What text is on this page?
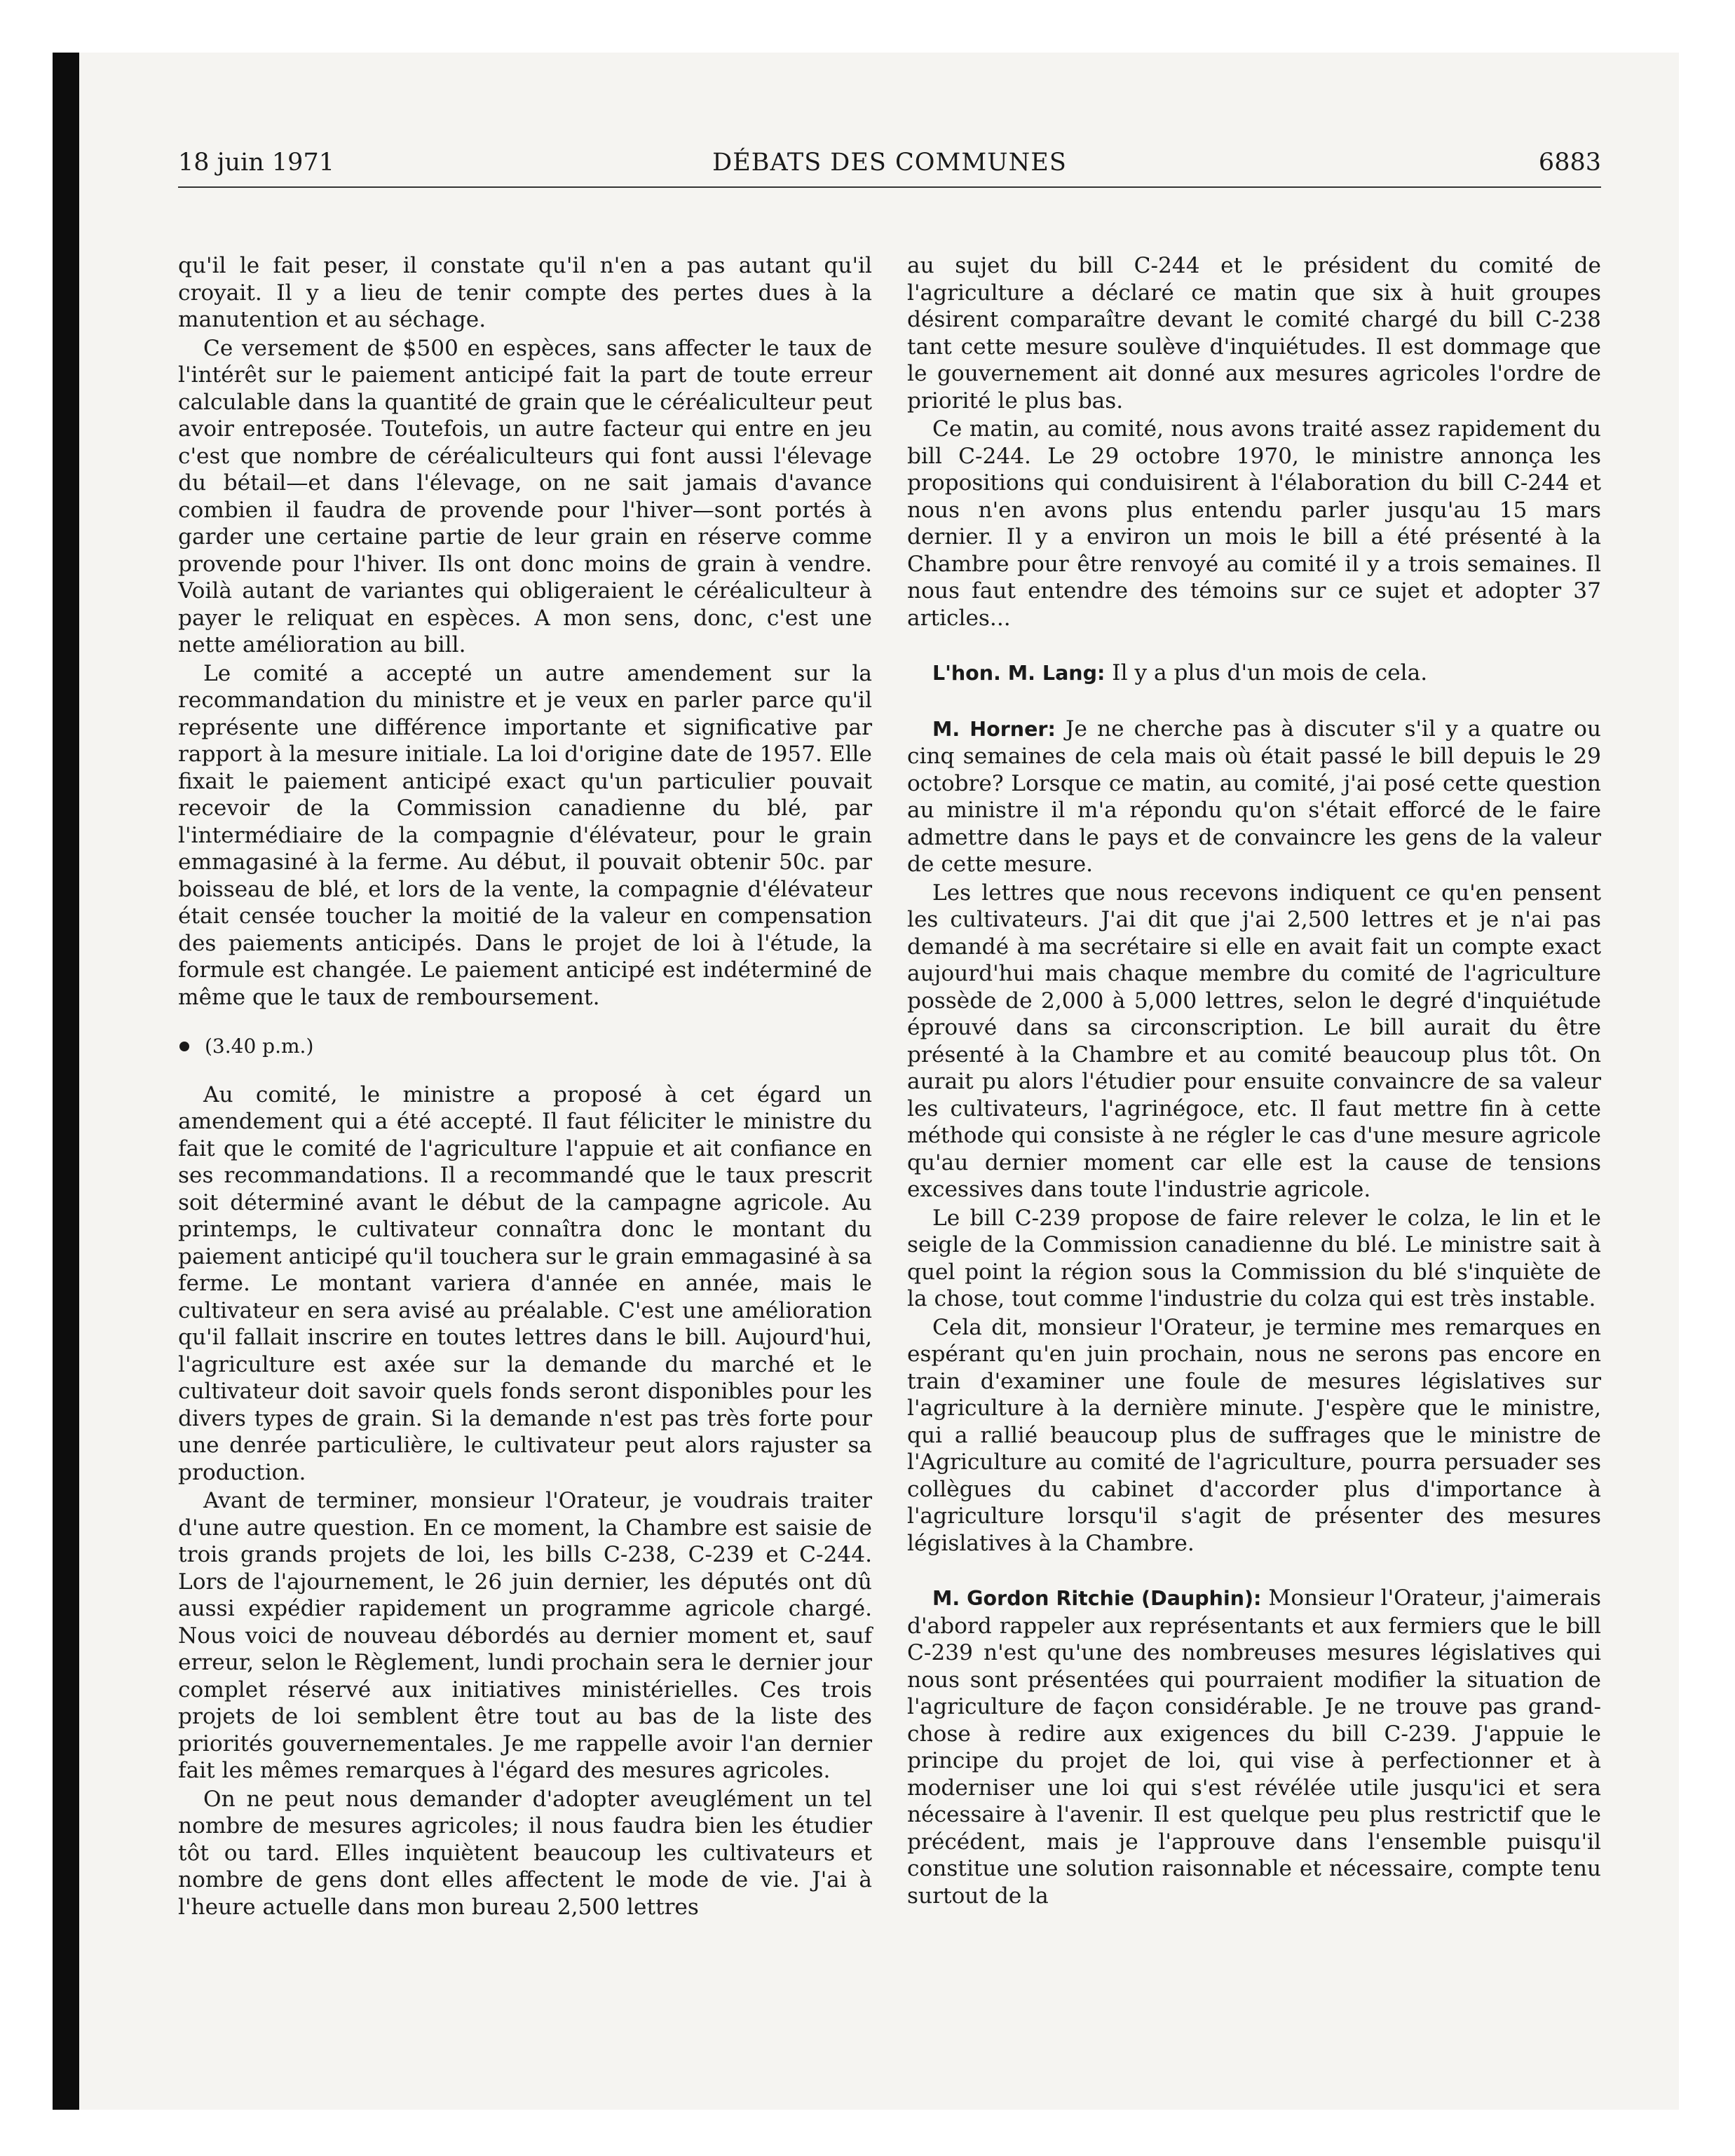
18 juin 1971	DÉBATS DES COMMUNES	6883

qu'il le fait peser, il constate qu'il n'en a pas autant qu'il croyait. Il y a lieu de tenir compte des pertes dues à la manutention et au séchage.

Ce versement de $500 en espèces, sans affecter le taux de l'intérêt sur le paiement anticipé fait la part de toute erreur calculable dans la quantité de grain que le céréaliculteur peut avoir entreposée. Toutefois, un autre facteur qui entre en jeu c'est que nombre de céréaliculteurs qui font aussi l'élevage du bétail—et dans l'élevage, on ne sait jamais d'avance combien il faudra de provende pour l'hiver—sont portés à garder une certaine partie de leur grain en réserve comme provende pour l'hiver. Ils ont donc moins de grain à vendre. Voilà autant de variantes qui obligeraient le céréaliculteur à payer le reliquat en espèces. A mon sens, donc, c'est une nette amélioration au bill.

Le comité a accepté un autre amendement sur la recommandation du ministre et je veux en parler parce qu'il représente une différence importante et significative par rapport à la mesure initiale. La loi d'origine date de 1957. Elle fixait le paiement anticipé exact qu'un particulier pouvait recevoir de la Commission canadienne du blé, par l'intermédiaire de la compagnie d'élévateur, pour le grain emmagasiné à la ferme. Au début, il pouvait obtenir 50c. par boisseau de blé, et lors de la vente, la compagnie d'élévateur était censée toucher la moitié de la valeur en compensation des paiements anticipés. Dans le projet de loi à l'étude, la formule est changée. Le paiement anticipé est indéterminé de même que le taux de remboursement.

(3.40 p.m.)

Au comité, le ministre a proposé à cet égard un amendement qui a été accepté. Il faut féliciter le ministre du fait que le comité de l'agriculture l'appuie et ait confiance en ses recommandations. Il a recommandé que le taux prescrit soit déterminé avant le début de la campagne agricole. Au printemps, le cultivateur connaîtra donc le montant du paiement anticipé qu'il touchera sur le grain emmagasiné à sa ferme. Le montant variera d'année en année, mais le cultivateur en sera avisé au préalable. C'est une amélioration qu'il fallait inscrire en toutes lettres dans le bill. Aujourd'hui, l'agriculture est axée sur la demande du marché et le cultivateur doit savoir quels fonds seront disponibles pour les divers types de grain. Si la demande n'est pas très forte pour une denrée particulière, le cultivateur peut alors rajuster sa production.

Avant de terminer, monsieur l'Orateur, je voudrais traiter d'une autre question. En ce moment, la Chambre est saisie de trois grands projets de loi, les bills C-238, C-239 et C-244. Lors de l'ajournement, le 26 juin dernier, les députés ont dû aussi expédier rapidement un programme agricole chargé. Nous voici de nouveau débordés au dernier moment et, sauf erreur, selon le Règlement, lundi prochain sera le dernier jour complet réservé aux initiatives ministérielles. Ces trois projets de loi semblent être tout au bas de la liste des priorités gouvernementales. Je me rappelle avoir l'an dernier fait les mêmes remarques à l'égard des mesures agricoles.

On ne peut nous demander d'adopter aveuglément un tel nombre de mesures agricoles; il nous faudra bien les étudier tôt ou tard. Elles inquiètent beaucoup les cultivateurs et nombre de gens dont elles affectent le mode de vie. J'ai à l'heure actuelle dans mon bureau 2,500 lettres

au sujet du bill C-244 et le président du comité de l'agriculture a déclaré ce matin que six à huit groupes désirent comparaître devant le comité chargé du bill C-238 tant cette mesure soulève d'inquiétudes. Il est dommage que le gouvernement ait donné aux mesures agricoles l'ordre de priorité le plus bas.

Ce matin, au comité, nous avons traité assez rapidement du bill C-244. Le 29 octobre 1970, le ministre annonça les propositions qui conduisirent à l'élaboration du bill C-244 et nous n'en avons plus entendu parler jusqu'au 15 mars dernier. Il y a environ un mois le bill a été présenté à la Chambre pour être renvoyé au comité il y a trois semaines. Il nous faut entendre des témoins sur ce sujet et adopter 37 articles...

L'hon. M. Lang: Il y a plus d'un mois de cela.

M. Horner: Je ne cherche pas à discuter s'il y a quatre ou cinq semaines de cela mais où était passé le bill depuis le 29 octobre? Lorsque ce matin, au comité, j'ai posé cette question au ministre il m'a répondu qu'on s'était efforcé de le faire admettre dans le pays et de convaincre les gens de la valeur de cette mesure.

Les lettres que nous recevons indiquent ce qu'en pensent les cultivateurs. J'ai dit que j'ai 2,500 lettres et je n'ai pas demandé à ma secrétaire si elle en avait fait un compte exact aujourd'hui mais chaque membre du comité de l'agriculture possède de 2,000 à 5,000 lettres, selon le degré d'inquiétude éprouvé dans sa circonscription. Le bill aurait du être présenté à la Chambre et au comité beaucoup plus tôt. On aurait pu alors l'étudier pour ensuite convaincre de sa valeur les cultivateurs, l'agrinégoce, etc. Il faut mettre fin à cette méthode qui consiste à ne régler le cas d'une mesure agricole qu'au dernier moment car elle est la cause de tensions excessives dans toute l'industrie agricole.

Le bill C-239 propose de faire relever le colza, le lin et le seigle de la Commission canadienne du blé. Le ministre sait à quel point la région sous la Commission du blé s'inquiète de la chose, tout comme l'industrie du colza qui est très instable.

Cela dit, monsieur l'Orateur, je termine mes remarques en espérant qu'en juin prochain, nous ne serons pas encore en train d'examiner une foule de mesures législatives sur l'agriculture à la dernière minute. J'espère que le ministre, qui a rallié beaucoup plus de suffrages que le ministre de l'Agriculture au comité de l'agriculture, pourra persuader ses collègues du cabinet d'accorder plus d'importance à l'agriculture lorsqu'il s'agit de présenter des mesures législatives à la Chambre.

M. Gordon Ritchie (Dauphin): Monsieur l'Orateur, j'aimerais d'abord rappeler aux représentants et aux fermiers que le bill C-239 n'est qu'une des nombreuses mesures législatives qui nous sont présentées qui pourraient modifier la situation de l'agriculture de façon considérable. Je ne trouve pas grand-chose à redire aux exigences du bill C-239. J'appuie le principe du projet de loi, qui vise à perfectionner et à moderniser une loi qui s'est révélée utile jusqu'ici et sera nécessaire à l'avenir. Il est quelque peu plus restrictif que le précédent, mais je l'approuve dans l'ensemble puisqu'il constitue une solution raisonnable et nécessaire, compte tenu surtout de la
